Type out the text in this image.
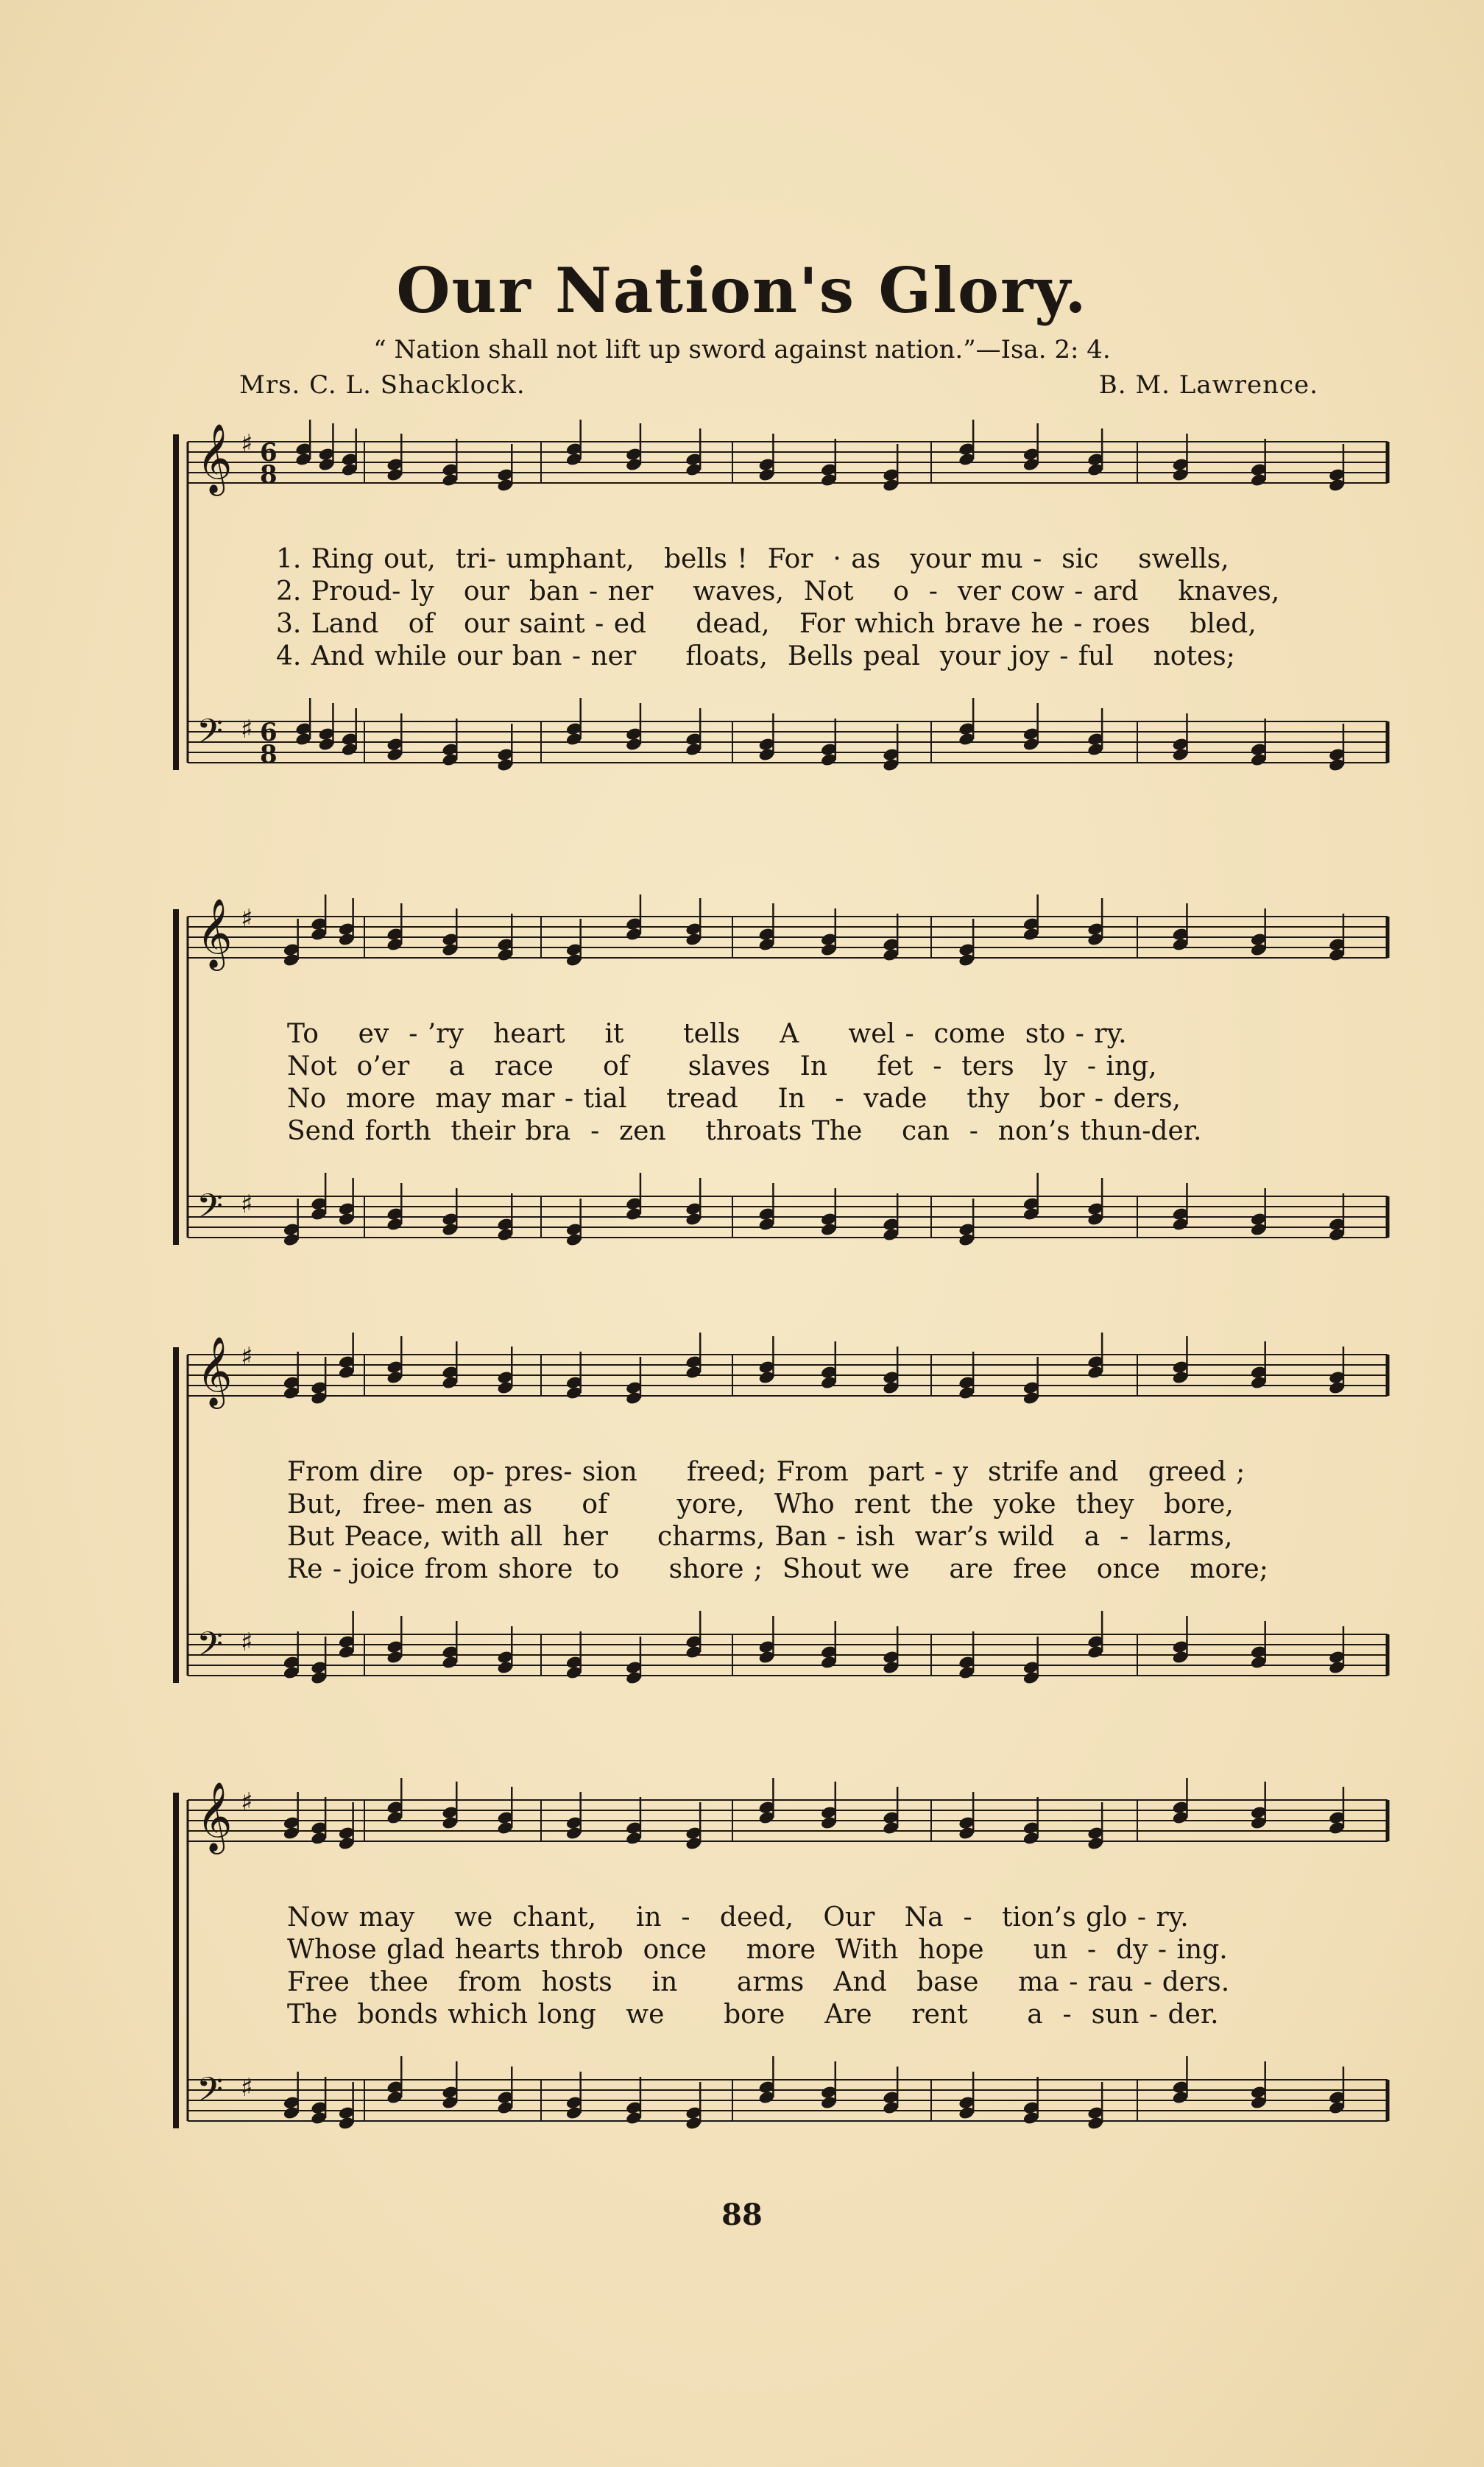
Our Nation's Glory.
“ Nation shall not lift up sword against nation.”—Isa. 2: 4.
Mrs. C. L. Shacklock.	B. M. Lawrence.
𝄞 ♯ 6
8
𝄢 ♯ 6
8
1. Ring out,  tri- umphant,   bells !  For  · as   your mu -  sic    swells,
2. Proud- ly   our  ban - ner    waves,  Not    o  -  ver cow - ard    knaves,
3. Land   of   our saint - ed     dead,   For which brave he - roes    bled,
4. And while our ban - ner     floats,  Bells peal  your joy - ful    notes;
𝄞 ♯
𝄢 ♯
To    ev  - ’ry   heart    it      tells    A     wel -  come  sto - ry.
Not  o’er    a   race     of      slaves   In     fet  -  ters   ly  - ing,
No  more  may mar - tial    tread    In   -  vade    thy   bor - ders,
Send forth  their bra  -  zen    throats The    can  -  non’s thun-der.
𝄞 ♯
𝄢 ♯
From dire   op- pres- sion     freed; From  part - y  strife and   greed ;
But,  free- men as     of       yore,   Who  rent  the  yoke  they   bore,
But Peace, with all  her     charms, Ban - ish  war’s wild   a  -  larms,
Re - joice from shore  to     shore ;  Shout we    are  free   once   more;
𝄞 ♯
𝄢 ♯
Now may    we  chant,    in  -   deed,   Our   Na  -   tion’s glo - ry.
Whose glad hearts throb  once    more  With  hope     un  -  dy - ing.
Free  thee   from  hosts    in      arms   And   base    ma - rau - ders.
The  bonds which long   we      bore    Are    rent      a  -  sun - der.
88
